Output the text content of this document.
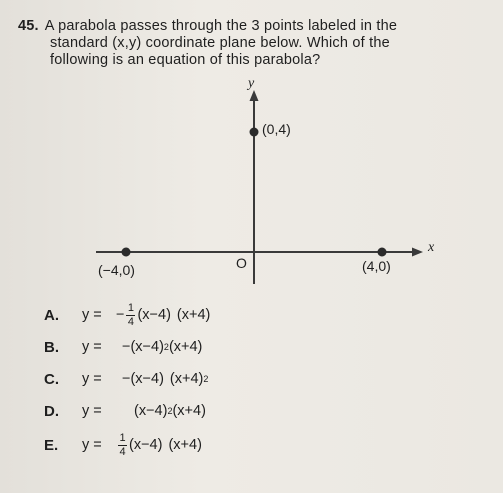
45. A parabola passes through the 3 points labeled in the
standard (x,y) coordinate plane below. Which of the
following is an equation of this parabola?
y
x
O
(0,4)
(−4,0)	(4,0)
A.	y = − $\frac{1}{4} (x-4)$ (x+4)
B.	y =	−(x−4) 2 (x+4)
C.	y =	−(x−4) (x+4) 2
D.	y =	(x−4) 2 (x+4)
E.	y =	$\frac{1}{4} (x-4)$ (x+4)
